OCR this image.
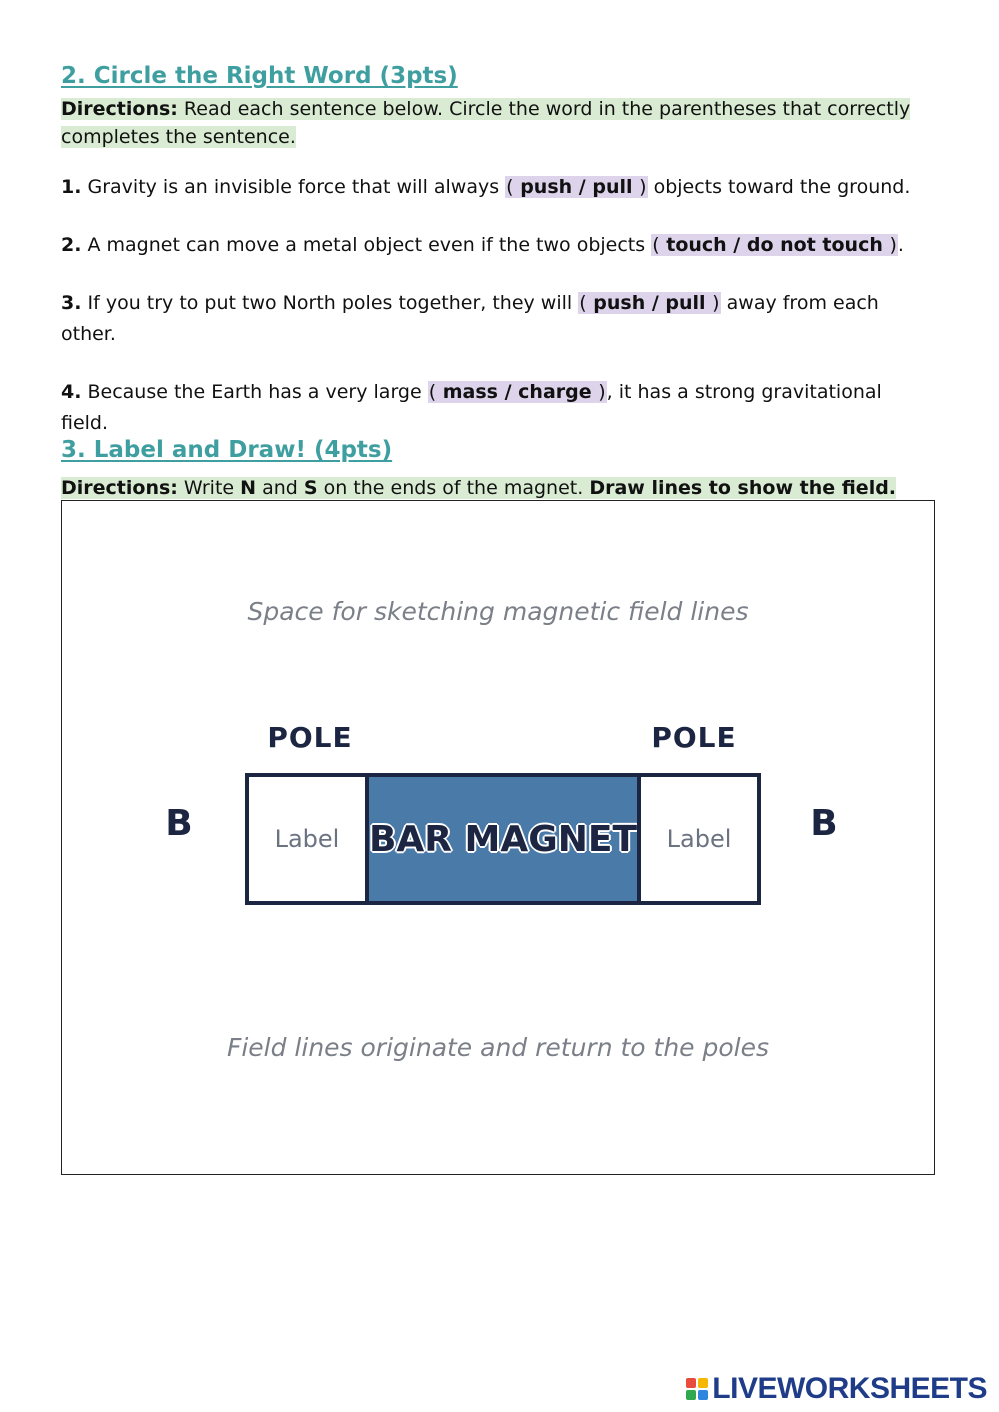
2. Circle the Right Word (3pts)
Directions: Read each sentence below. Circle the word in the parentheses that correctly completes the sentence.
1. Gravity is an invisible force that will always ( push / pull ) objects toward the ground.
2. A magnet can move a metal object even if the two objects ( touch / do not touch ).
3. If you try to put two North poles together, they will ( push / pull ) away from each other.
4. Because the Earth has a very large ( mass / charge ), it has a strong gravitational field.
3. Label and Draw! (4pts)
Directions: Write N and S on the ends of the magnet. Draw lines to show the field.
Space for sketching magnetic field lines
POLE	POLE
B	B
Label BAR MAGNET Label
Field lines originate and return to the poles
LIVEWORKSHEETS
